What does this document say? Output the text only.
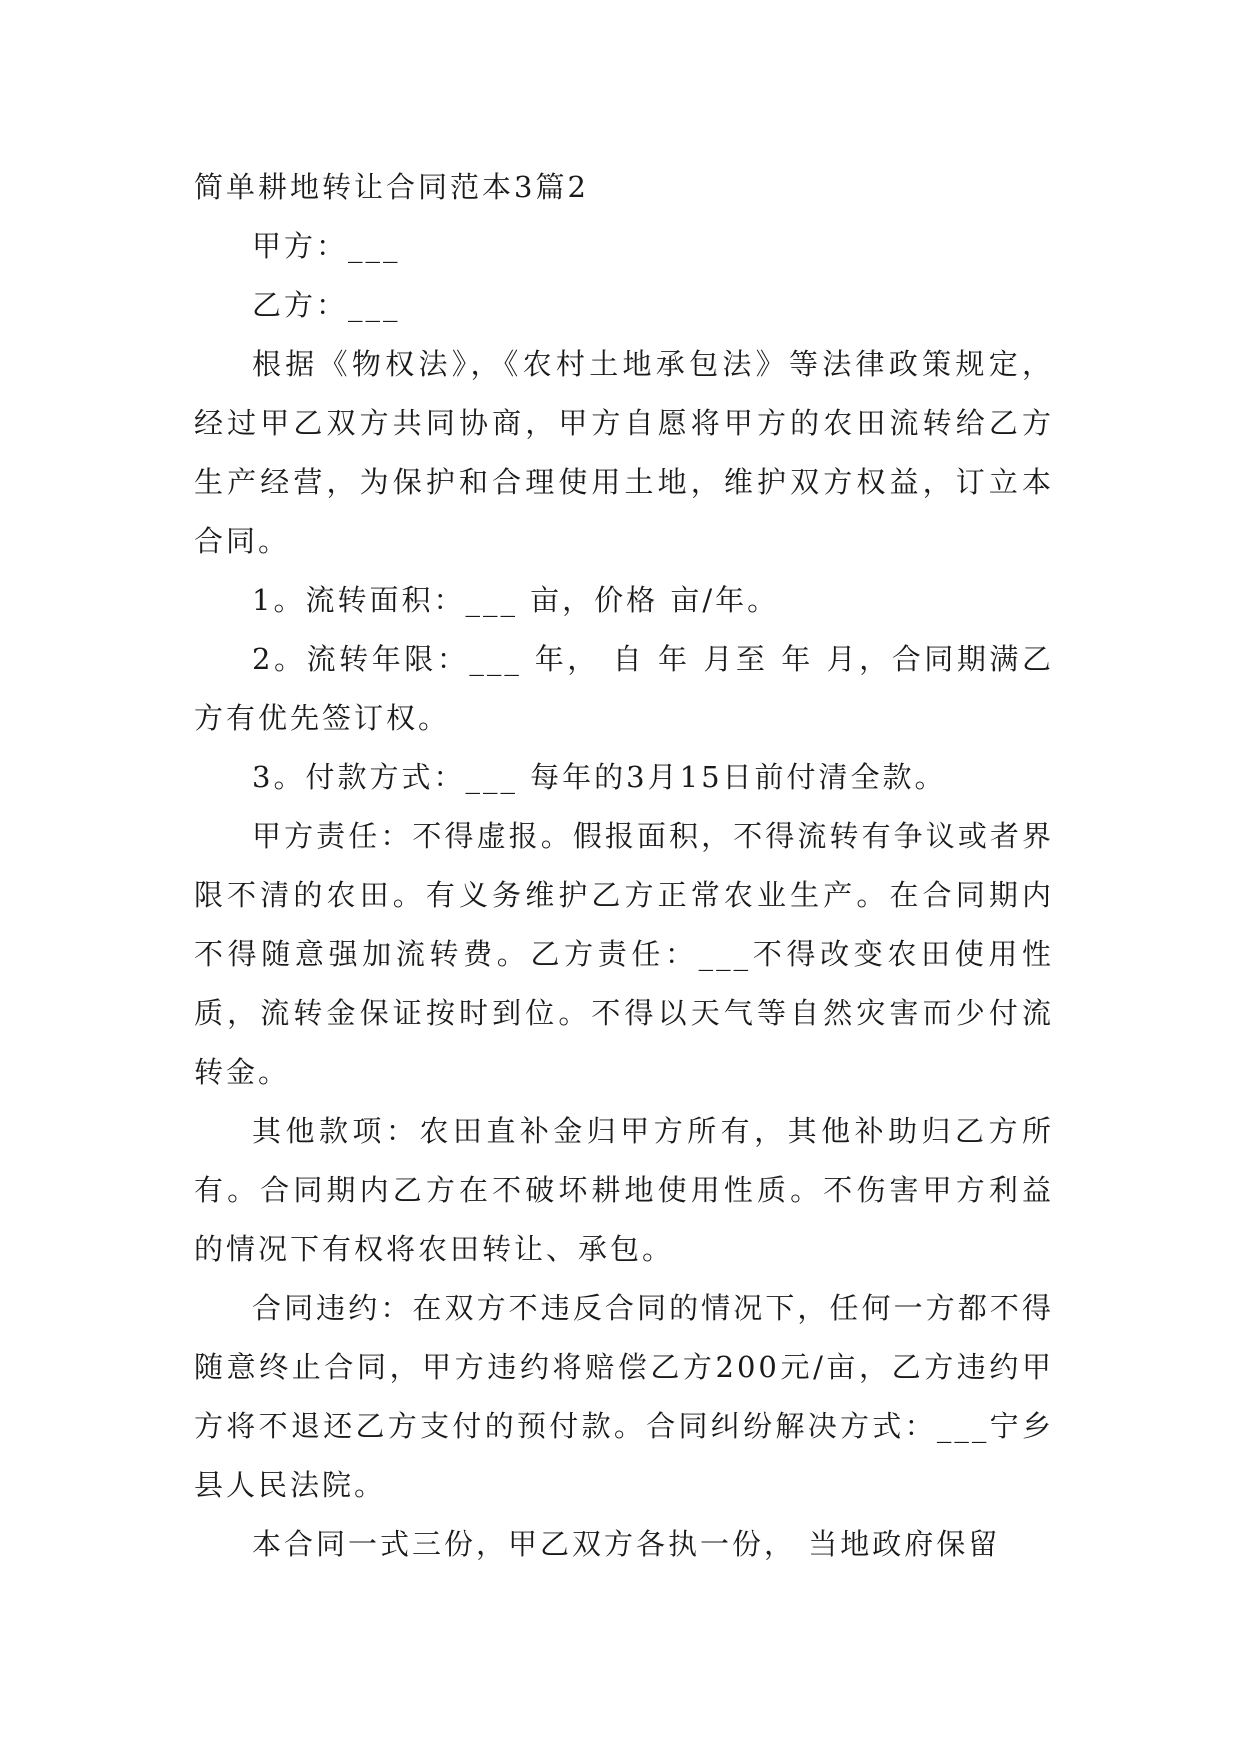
简单耕地转让合同范本3篇2

甲方：___

乙方：___

根据《物权法》，《农村土地承包法》等法律政策规定，经过甲乙双方共同协商，甲方自愿将甲方的农田流转给乙方生产经营，为保护和合理使用土地，维护双方权益，订立本合同。

1。流转面积：___ 亩，价格 亩/年。

2。流转年限：___ 年， 自 年 月至 年 月，合同期满乙方有优先签订权。

3。付款方式：___ 每年的3月15日前付清全款。

甲方责任：不得虚报。假报面积，不得流转有争议或者界限不清的农田。有义务维护乙方正常农业生产。在合同期内不得随意强加流转费。乙方责任：___不得改变农田使用性质，流转金保证按时到位。不得以天气等自然灾害而少付流转金。

其他款项：农田直补金归甲方所有，其他补助归乙方所有。合同期内乙方在不破坏耕地使用性质。不伤害甲方利益的情况下有权将农田转让、承包。

合同违约：在双方不违反合同的情况下，任何一方都不得随意终止合同，甲方违约将赔偿乙方200元/亩，乙方违约甲方将不退还乙方支付的预付款。合同纠纷解决方式：___宁乡县人民法院。

本合同一式三份，甲乙双方各执一份， 当地政府保留
